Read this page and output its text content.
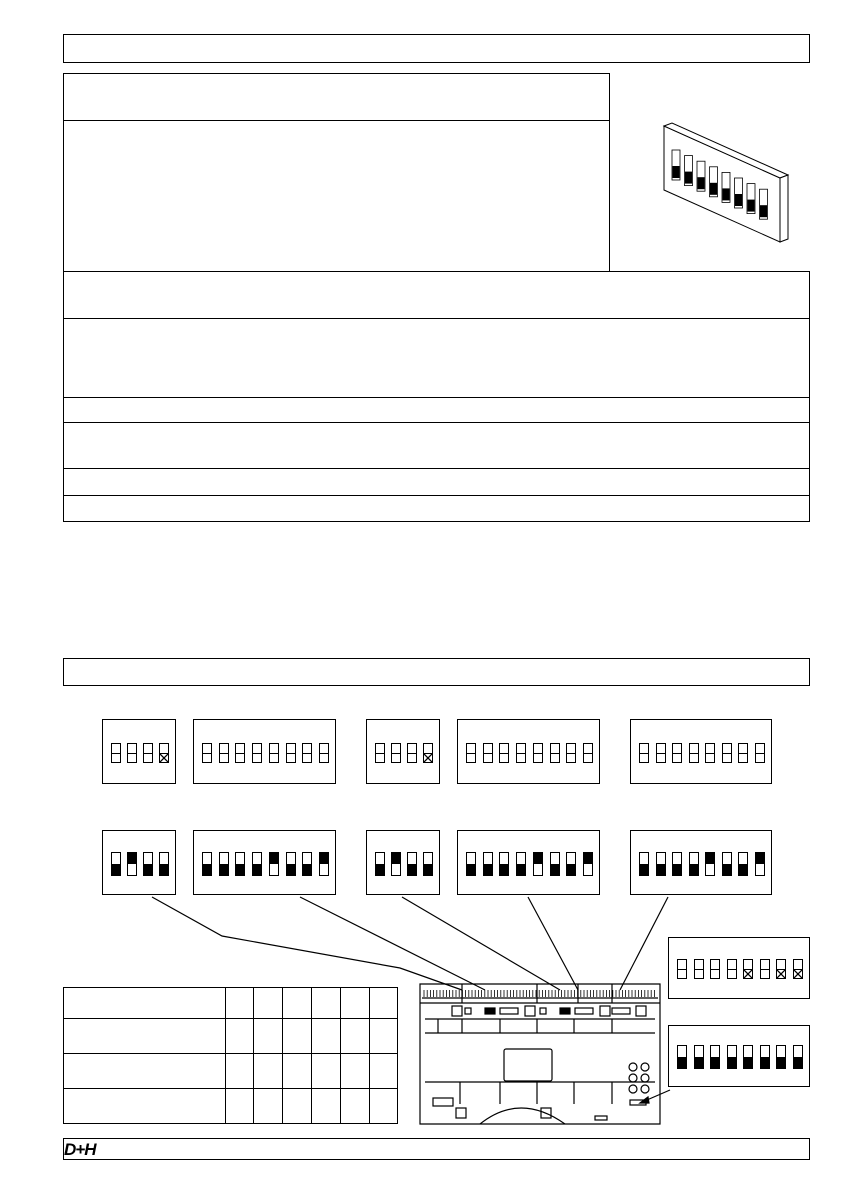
D+H
